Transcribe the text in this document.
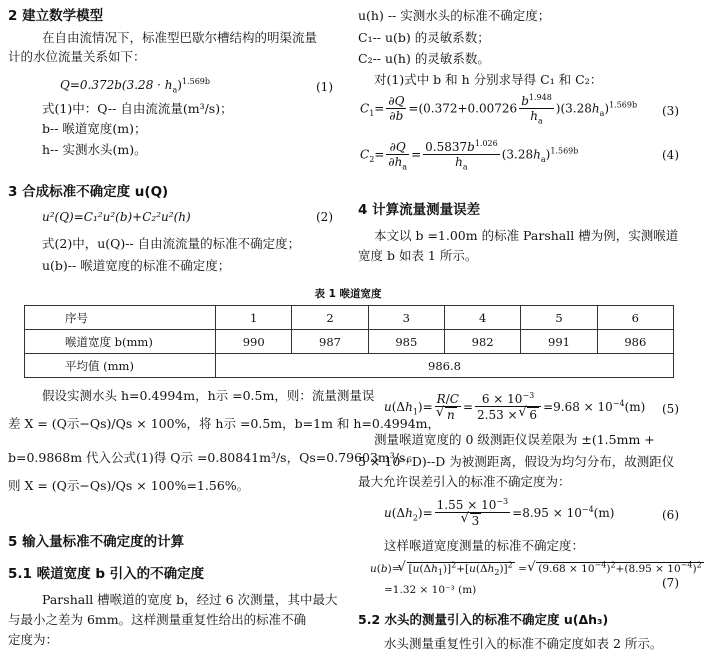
2 建立数学模型
在自由流情况下，标准型巴歇尔槽结构的明渠流量
计的水位流量关系如下：
$Q=0.372b(3.28 \cdot h_a)^{1.569b}$	(1)
式(1)中：Q-- 自由流流量(m³/s)；
b-- 喉道宽度(m)；
h-- 实测水头(m)。
3 合成标准不确定度 u(Q)
u²(Q)=C₁²u²(b)+C₂²u²(h)	(2)
式(2)中，u(Q)-- 自由流流量的标准不确定度；
u(b)-- 喉道宽度的标准不确定度；
u(h) -- 实测水头的标准不确定度；
C₁-- u(b) 的灵敏系数；
C₂-- u(h) 的灵敏系数。
对(1)式中 b 和 h 分别求导得 C₁ 和 C₂：
$C_1= \frac{\partial Q}{\partial b} =(0.372+0.00726 \frac{b^{1.948}}{h_a} )(3.28h_a)^{1.569b}$ (3)
$C_2= \frac{\partial Q}{\partial h_a} = \frac{0.5837b^{1.026}}{h_a} (3.28h_a)^{1.569b}$	(4)
4 计算流量测量误差
本文以 b =1.00m 的标准 Parshall 槽为例，实测喉道
宽度 b 如表 1 所示。
表 1 喉道宽度
序号	1	2	3	4	5	6
喉道宽度 b(mm)	990	987	985	982	991	986
平均值 (mm)	986.8					
假设实测水头 h=0.4994m，h示 =0.5m，则：流量测量误
差 X = (Q示−Qs)/Qs × 100%，将 h示 =0.5m，b=1m 和 h=0.4994m，
b=0.9868m 代入公式(1)得 Q示 =0.80841m³/s，Qs=0.79603m³/s，
则 X = (Q示−Qs)/Qs × 100%=1.56%。
5 输入量标准不确定度的计算
5.1 喉道宽度 b 引入的不确定度
Parshall 槽喉道的宽度 b，经过 6 次测量，其中最大
与最小之差为 6mm。这样测量重复性给出的标准不确
定度为：
$u(\Delta h_1)= R/C$
√ $n = \frac{6 \times 10^{-3}}{2.53 \times √ 6} =9.68 \times 10^{-4}(m)$ (5)
测量喉道宽度的 0 级测距仪误差限为 ±(1.5mm +
5 × 10⁻⁶D)--D 为被测距离，假设为均匀分布，故测距仪
最大允许误差引入的标准不确定度为：
$u(\Delta h_2)= 1.55 \times 10^{-3}$
√ $3 =8.95 \times 10^{-4}(m)$	(6)
这样喉道宽度测量的标准不确定度：
u(b)= √ $[u(\Delta h_1)]^2+[u(\Delta h_2)]^2$ = √ $(9.68 \times 10^{-4})^2+(8.95 \times 10^{-4})^2$
=1.32 × 10⁻³ (m)	(7)
5.2 水头的测量引入的标准不确定度 u(Δh₃)
水头测量重复性引入的标准不确定度如表 2 所示。
